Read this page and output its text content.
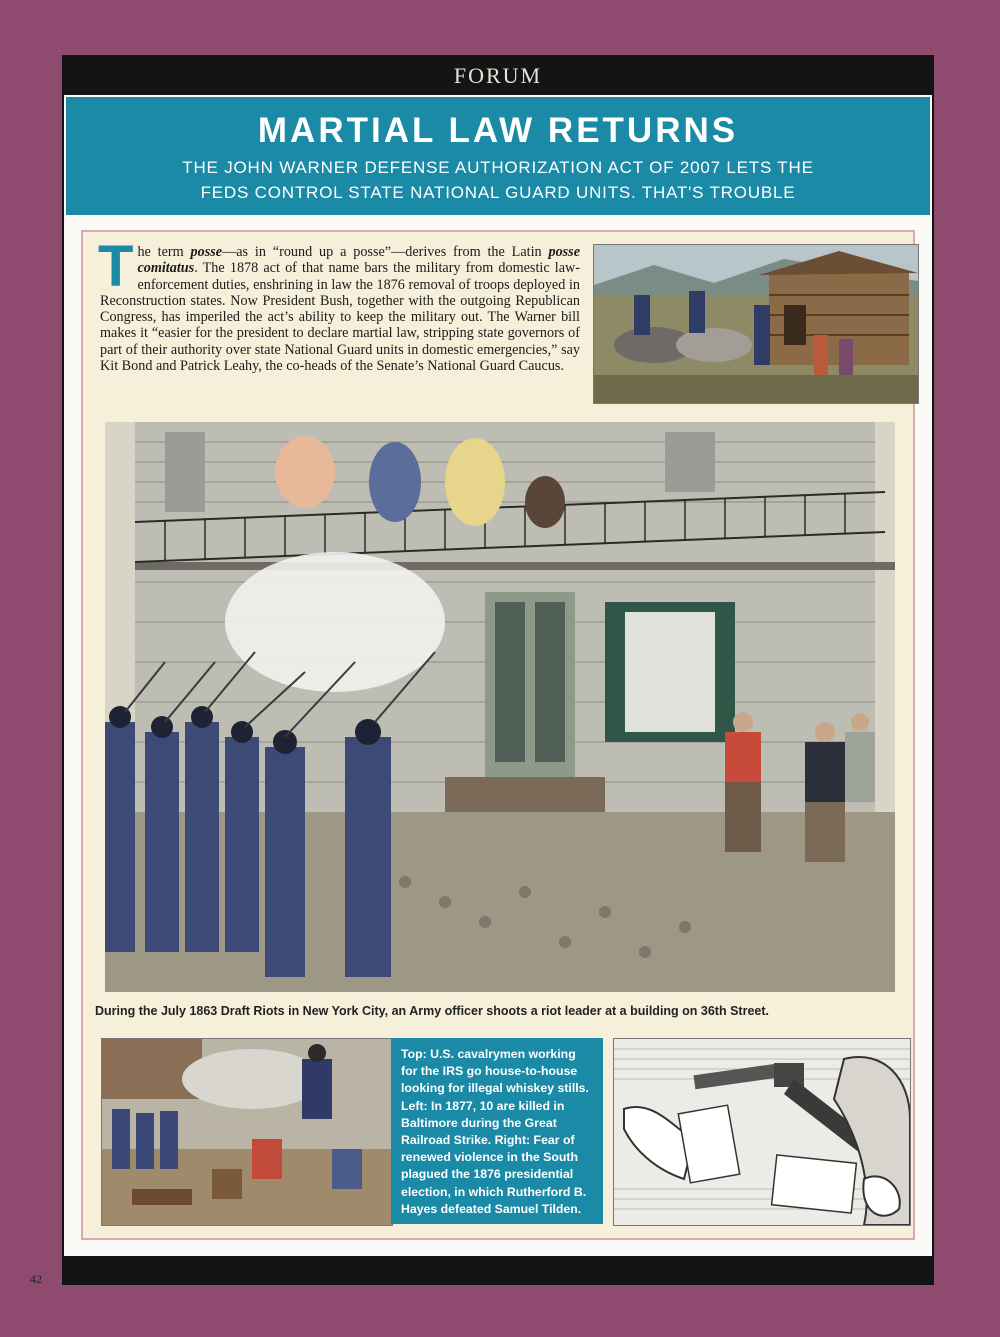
FORUM
MARTIAL LAW RETURNS
THE JOHN WARNER DEFENSE AUTHORIZATION ACT OF 2007 LETS THE
FEDS CONTROL STATE NATIONAL GUARD UNITS. THAT'S TROUBLE
The term posse—as in “round up a posse”—derives from the Latin posse comitatus. The 1878 act of that name bars the military from domestic law-enforcement duties, enshrining in law the 1876 removal of troops deployed in Reconstruction states. Now President Bush, together with the outgoing Republican Congress, has imperiled the act’s ability to keep the military out. The Warner bill makes it “easier for the president to declare martial law, stripping state governors of part of their authority over state National Guard units in domestic emergencies,” say Kit Bond and Patrick Leahy, the co-heads of the Senate’s National Guard Caucus.
During the July 1863 Draft Riots in New York City, an Army officer shoots a riot leader at a building on 36th Street.
Top: U.S. cavalrymen working for the IRS go house-to-house looking for illegal whiskey stills. Left: In 1877, 10 are killed in Baltimore during the Great Railroad Strike. Right: Fear of renewed violence in the South plagued the 1876 presidential election, in which Rutherford B. Hayes defeated Samuel Tilden.
42
